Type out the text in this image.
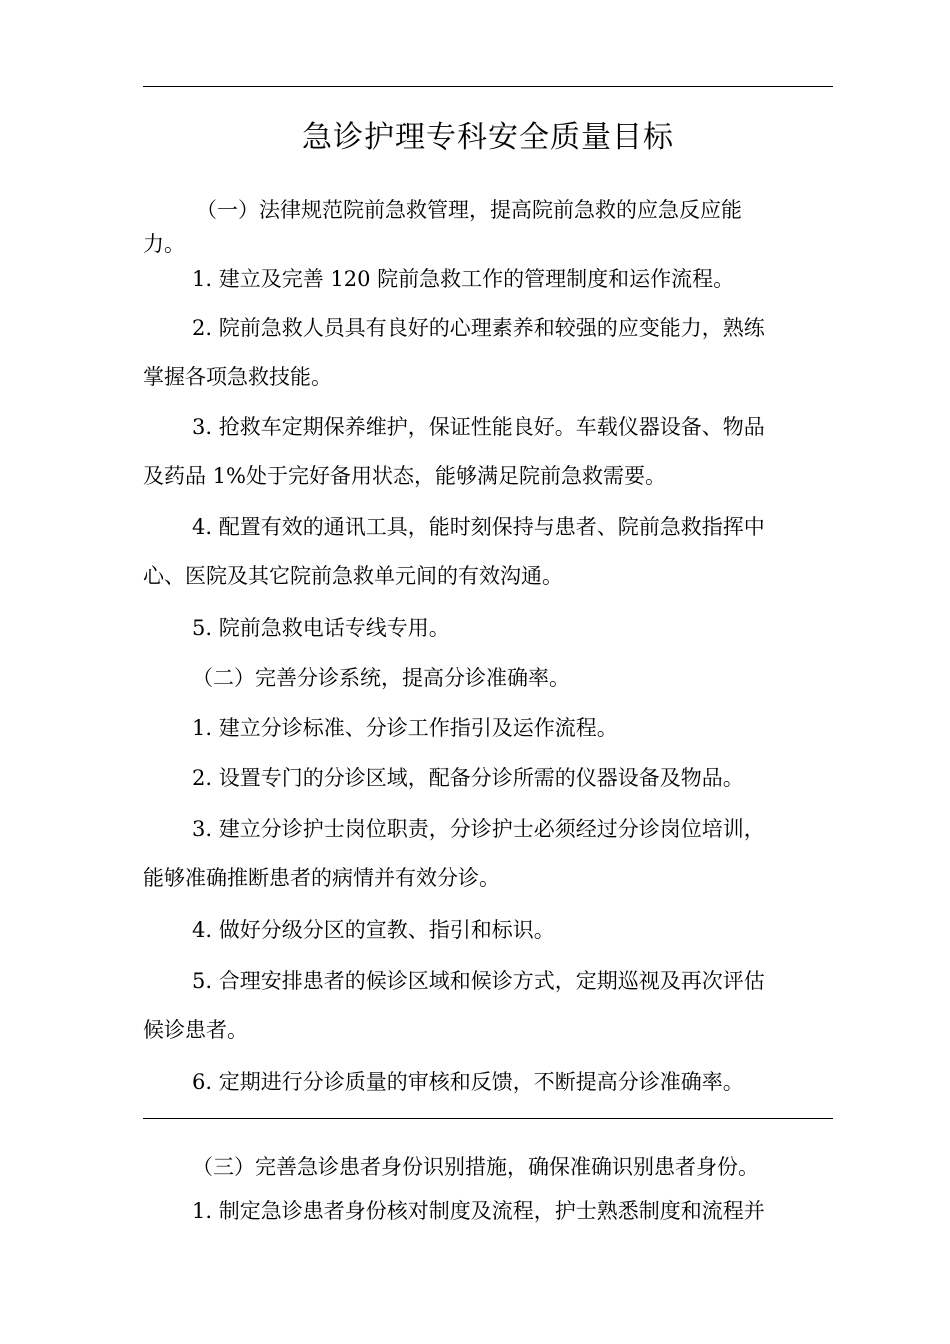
急诊护理专科安全质量目标
（一）法律规范院前急救管理，提高院前急救的应急反应能
力。
1. 建立及完善 120 院前急救工作的管理制度和运作流程。
2. 院前急救人员具有良好的心理素养和较强的应变能力，熟练
掌握各项急救技能。
3. 抢救车定期保养维护，保证性能良好。车载仪器设备、物品
及药品 1%处于完好备用状态，能够满足院前急救需要。
4. 配置有效的通讯工具，能时刻保持与患者、院前急救指挥中
心、医院及其它院前急救单元间的有效沟通。
5. 院前急救电话专线专用。
（二）完善分诊系统，提高分诊准确率。
1. 建立分诊标准、分诊工作指引及运作流程。
2. 设置专门的分诊区域，配备分诊所需的仪器设备及物品。
3. 建立分诊护士岗位职责，分诊护士必须经过分诊岗位培训，
能够准确推断患者的病情并有效分诊。
4. 做好分级分区的宣教、指引和标识。
5. 合理安排患者的候诊区域和候诊方式，定期巡视及再次评估
候诊患者。
6. 定期进行分诊质量的审核和反馈，不断提高分诊准确率。
（三）完善急诊患者身份识别措施，确保准确识别患者身份。
1. 制定急诊患者身份核对制度及流程，护士熟悉制度和流程并
